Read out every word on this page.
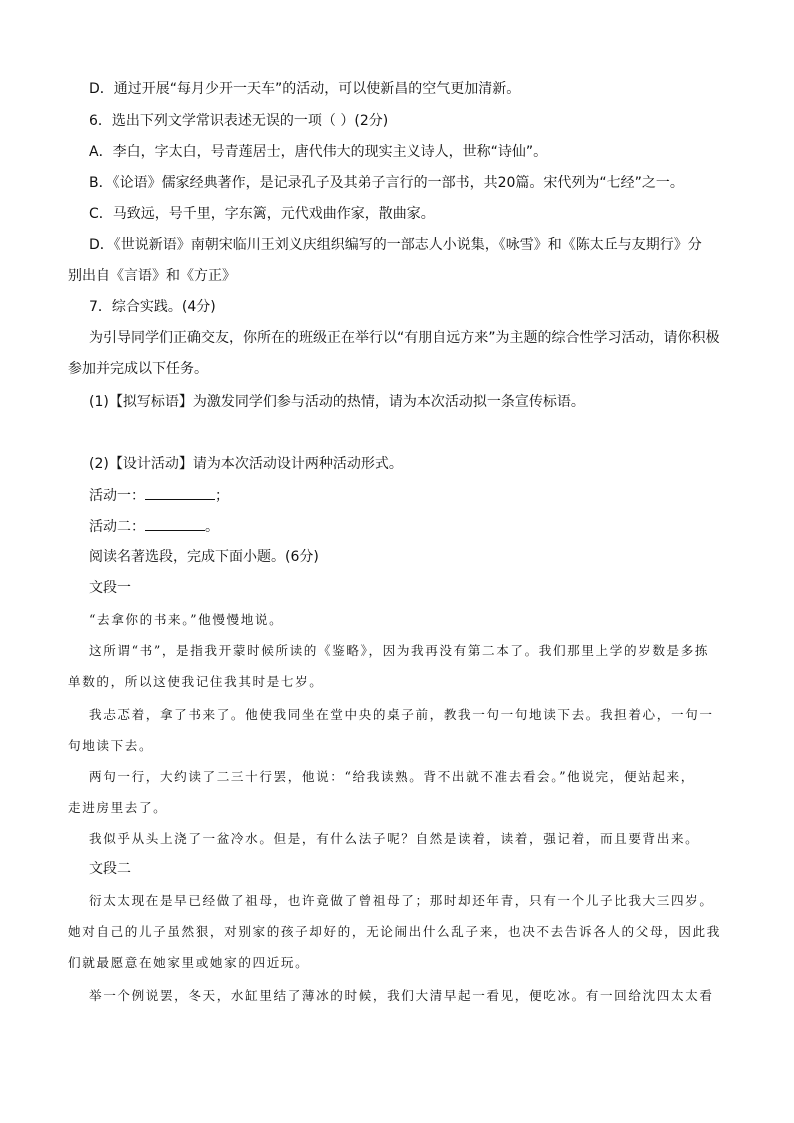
D．通过开展“每月少开一天车”的活动，可以使新昌的空气更加清新。
6．选出下列文学常识表述无误的一项（ ）(2分)
A．李白，字太白，号青莲居士，唐代伟大的现实主义诗人，世称“诗仙”。
B．《论语》儒家经典著作，是记录孔子及其弟子言行的一部书，共20篇。宋代列为“七经”之一。
C．马致远，号千里，字东篱，元代戏曲作家，散曲家。
D．《世说新语》南朝宋临川王刘义庆组织编写的一部志人小说集，《咏雪》和《陈太丘与友期行》分
别出自《言语》和《方正》
7．综合实践。(4分)
为引导同学们正确交友，你所在的班级正在举行以“有朋自远方来”为主题的综合性学习活动，请你积极
参加并完成以下任务。
(1)【拟写标语】为激发同学们参与活动的热情，请为本次活动拟一条宣传标语。
(2)【设计活动】请为本次活动设计两种活动形式。
活动一：	；
活动二：	。
阅读名著选段，完成下面小题。(6分)
文段一
“去拿你的书来。”他慢慢地说。
这所谓“书”，是指我开蒙时候所读的《鉴略》，因为我再没有第二本了。我们那里上学的岁数是多拣
单数的，所以这使我记住我其时是七岁。
我忐忑着，拿了书来了。他使我同坐在堂中央的桌子前，教我一句一句地读下去。我担着心，一句一
句地读下去。
两句一行，大约读了二三十行罢，他说：“给我读熟。背不出就不准去看会。”他说完，便站起来，
走进房里去了。
我似乎从头上浇了一盆冷水。但是，有什么法子呢？自然是读着，读着，强记着，而且要背出来。
文段二
衍太太现在是早已经做了祖母，也许竟做了曾祖母了；那时却还年青，只有一个儿子比我大三四岁。
她对自己的儿子虽然狠，对别家的孩子却好的，无论闹出什么乱子来，也决不去告诉各人的父母，因此我
们就最愿意在她家里或她家的四近玩。
举一个例说罢，冬天，水缸里结了薄冰的时候，我们大清早起一看见，便吃冰。有一回给沈四太太看
